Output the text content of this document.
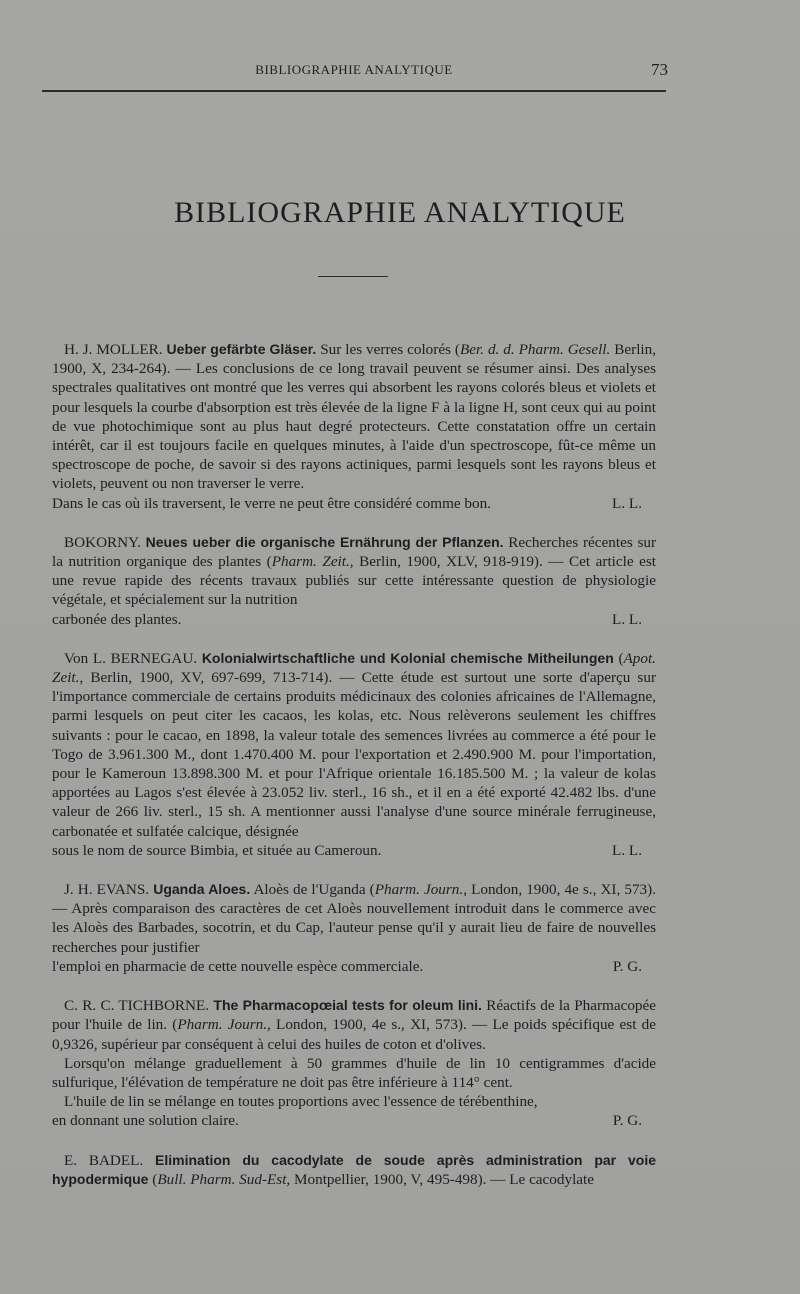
BIBLIOGRAPHIE ANALYTIQUE	73
BIBLIOGRAPHIE ANALYTIQUE

H. J. MOLLER. Ueber gefärbte Gläser. Sur les verres colorés (Ber. d. d. Pharm. Gesell. Berlin, 1900, X, 234-264). — Les conclusions de ce long travail peuvent se résumer ainsi. Des analyses spectrales qualitatives ont montré que les verres qui absorbent les rayons colorés bleus et violets et pour lesquels la courbe d'absorption est très élevée de la ligne F à la ligne H, sont ceux qui au point de vue photochimique sont au plus haut degré protecteurs. Cette constatation offre un certain intérêt, car il est toujours facile en quelques minutes, à l'aide d'un spectroscope, fût-ce même un spectroscope de poche, de savoir si des rayons actiniques, parmi lesquels sont les rayons bleus et violets, peuvent ou non traverser le verre.

Dans le cas où ils traversent, le verre ne peut être considéré comme bon.	L. L.

BOKORNY. Neues ueber die organische Ernährung der Pflanzen. Recherches récentes sur la nutrition organique des plantes (Pharm. Zeit., Berlin, 1900, XLV, 918-919). — Cet article est une revue rapide des récents travaux publiés sur cette intéressante question de physiologie végétale, et spécialement sur la nutrition

carbonée des plantes.	L. L.

Von L. BERNEGAU. Kolonialwirtschaftliche und Kolonial chemische Mitheilungen (Apot. Zeit., Berlin, 1900, XV, 697-699, 713-714). — Cette étude est surtout une sorte d'aperçu sur l'importance commerciale de certains produits médicinaux des colonies africaines de l'Allemagne, parmi lesquels on peut citer les cacaos, les kolas, etc. Nous relèverons seulement les chiffres suivants : pour le cacao, en 1898, la valeur totale des semences livrées au commerce a été pour le Togo de 3.961.300 M., dont 1.470.400 M. pour l'exportation et 2.490.900 M. pour l'importation, pour le Kameroun 13.898.300 M. et pour l'Afrique orientale 16.185.500 M. ; la valeur de kolas apportées au Lagos s'est élevée à 23.052 liv. sterl., 16 sh., et il en a été exporté 42.482 lbs. d'une valeur de 266 liv. sterl., 15 sh. A mentionner aussi l'analyse d'une source minérale ferrugineuse, carbonatée et sulfatée calcique, désignée

sous le nom de source Bimbia, et située au Cameroun.	L. L.

J. H. EVANS. Uganda Aloes. Aloès de l'Uganda (Pharm. Journ., London, 1900, 4e s., XI, 573). — Après comparaison des caractères de cet Aloès nouvellement introduit dans le commerce avec les Aloès des Barbades, socotrin, et du Cap, l'auteur pense qu'il y aurait lieu de faire de nouvelles recherches pour justifier

l'emploi en pharmacie de cette nouvelle espèce commerciale.	P. G.

C. R. C. TICHBORNE. The Pharmacopœial tests for oleum lini. Réactifs de la Pharmacopée pour l'huile de lin. (Pharm. Journ., London, 1900, 4e s., XI, 573). — Le poids spécifique est de 0,9326, supérieur par conséquent à celui des huiles de coton et d'olives.

Lorsqu'on mélange graduellement à 50 grammes d'huile de lin 10 centigrammes d'acide sulfurique, l'élévation de température ne doit pas être inférieure à 114° cent.

L'huile de lin se mélange en toutes proportions avec l'essence de térébenthine,

en donnant une solution claire.	P. G.

E. BADEL. Elimination du cacodylate de soude après administration par voie hypodermique (Bull. Pharm. Sud-Est, Montpellier, 1900, V, 495-498). — Le cacodylate
